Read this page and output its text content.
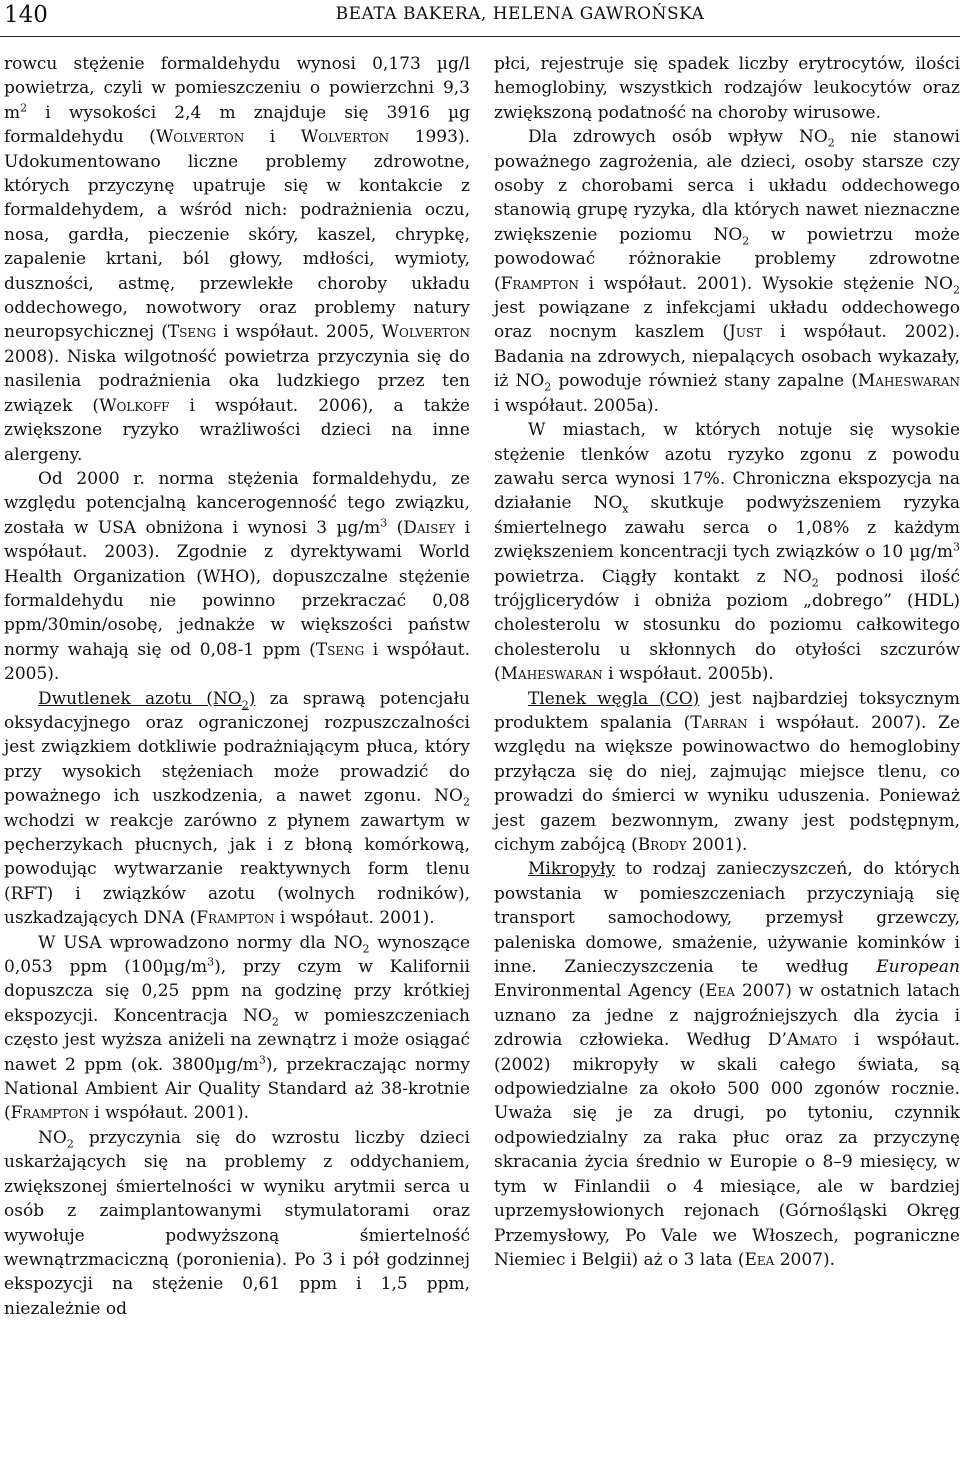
140	BEATA BAKERA, HELENA GAWROŃSKA

rowcu stężenie formaldehydu wynosi 0,173 µg/l powietrza, czyli w pomieszczeniu o powierzchni 9,3 $m^2$ i wysokości 2,4 m znajduje się 3916 µg formaldehydu (Wolverton i Wolverton 1993). Udokumentowano liczne problemy zdrowotne, których przyczynę upatruje się w kontakcie z formaldehydem, a wśród nich: podrażnienia oczu, nosa, gardła, pieczenie skóry, kaszel, chrypkę, zapalenie krtani, ból głowy, mdłości, wymioty, duszności, astmę, przewlekłe choroby układu oddechowego, nowotwory oraz problemy natury neuropsychicznej (Tseng i współaut. 2005, Wolverton 2008). Niska wilgotność powietrza przyczynia się do nasilenia podrażnienia oka ludzkiego przez ten związek (Wolkoff i współaut. 2006), a także zwiększone ryzyko wrażliwości dzieci na inne alergeny.

Od 2000 r. norma stężenia formaldehydu, ze względu potencjalną kancerogenność tego związku, została w USA obniżona i wynosi 3 $\mu g/m^3$ (Daisey i współaut. 2003). Zgodnie z dyrektywami World Health Organization (WHO), dopuszczalne stężenie formaldehydu nie powinno przekraczać 0,08 ppm/30min/osobę, jednakże w większości państw normy wahają się od 0,08-1 ppm (Tseng i współaut. 2005).

Dwutlenek azotu $(NO_2)$ za sprawą potencjału oksydacyjnego oraz ograniczonej rozpuszczalności jest związkiem dotkliwie podrażniającym płuca, który przy wysokich stężeniach może prowadzić do poważnego ich uszkodzenia, a nawet zgonu. $NO_2$ wchodzi w reakcje zarówno z płynem zawartym w pęcherzykach płucnych, jak i z błoną komórkową, powodując wytwarzanie reaktywnych form tlenu (RFT) i związków azotu (wolnych rodników), uszkadzających DNA (Frampton i współaut. 2001).

W USA wprowadzono normy dla $NO_2$ wynoszące 0,053 ppm $(100\mu g/m^3)$, przy czym w Kalifornii dopuszcza się 0,25 ppm na godzinę przy krótkiej ekspozycji. Koncentracja $NO_2$ w pomieszczeniach często jest wyższa aniżeli na zewnątrz i może osiągać nawet 2 ppm (ok. $3800\mu g/m^3$), przekraczając normy National Ambient Air Quality Standard aż 38-krotnie (Frampton i współaut. 2001).

$NO_2$ przyczynia się do wzrostu liczby dzieci uskarżających się na problemy z oddychaniem, zwiększonej śmiertelności w wyniku arytmii serca u osób z zaimplantowanymi stymulatorami oraz wywołuje podwyższoną śmiertelność wewnątrzmaciczną (poronienia). Po 3 i pół godzinnej ekspozycji na stężenie 0,61 ppm i 1,5 ppm, niezależnie od

płci, rejestruje się spadek liczby erytrocytów, ilości hemoglobiny, wszystkich rodzajów leukocytów oraz zwiększoną podatność na choroby wirusowe.

Dla zdrowych osób wpływ $NO_2$ nie stanowi poważnego zagrożenia, ale dzieci, osoby starsze czy osoby z chorobami serca i układu oddechowego stanowią grupę ryzyka, dla których nawet nieznaczne zwiększenie poziomu $NO_2$ w powietrzu może powodować różnorakie problemy zdrowotne (Frampton i współaut. 2001). Wysokie stężenie $NO_2$ jest powiązane z infekcjami układu oddechowego oraz nocnym kaszlem (Just i współaut. 2002). Badania na zdrowych, niepalących osobach wykazały, iż $NO_2$ powoduje również stany zapalne (Maheswaran i współaut. 2005a).

W miastach, w których notuje się wysokie stężenie tlenków azotu ryzyko zgonu z powodu zawału serca wynosi 17%. Chroniczna ekspozycja na działanie $NO_x$ skutkuje podwyższeniem ryzyka śmiertelnego zawału serca o 1,08% z każdym zwiększeniem koncentracji tych związków o 10 $\mu g/m^3$ powietrza. Ciągły kontakt z $NO_2$ podnosi ilość trójglicerydów i obniża poziom „dobrego” (HDL) cholesterolu w stosunku do poziomu całkowitego cholesterolu u skłonnych do otyłości szczurów (Maheswaran i współaut. 2005b).

Tlenek węgla (CO) jest najbardziej toksycznym produktem spalania (Tarran i współaut. 2007). Ze względu na większe powinowactwo do hemoglobiny przyłącza się do niej, zajmując miejsce tlenu, co prowadzi do śmierci w wyniku uduszenia. Ponieważ jest gazem bezwonnym, zwany jest podstępnym, cichym zabójcą (Brody 2001).

Mikropyły to rodzaj zanieczyszczeń, do których powstania w pomieszczeniach przyczyniają się transport samochodowy, przemysł grzewczy, paleniska domowe, smażenie, używanie kominków i inne. Zanieczyszczenia te według European Environmental Agency (Eea 2007) w ostatnich latach uznano za jedne z najgroźniejszych dla życia i zdrowia człowieka. Według D’Amato i współaut. (2002) mikropyły w skali całego świata, są odpowiedzialne za około 500 000 zgonów rocznie. Uważa się je za drugi, po tytoniu, czynnik odpowiedzialny za raka płuc oraz za przyczynę skracania życia średnio w Europie o 8–9 miesięcy, w tym w Finlandii o 4 miesiące, ale w bardziej uprzemysłowionych rejonach (Górnośląski Okręg Przemysłowy, Po Vale we Włoszech, pograniczne Niemiec i Belgii) aż o 3 lata (Eea 2007).
